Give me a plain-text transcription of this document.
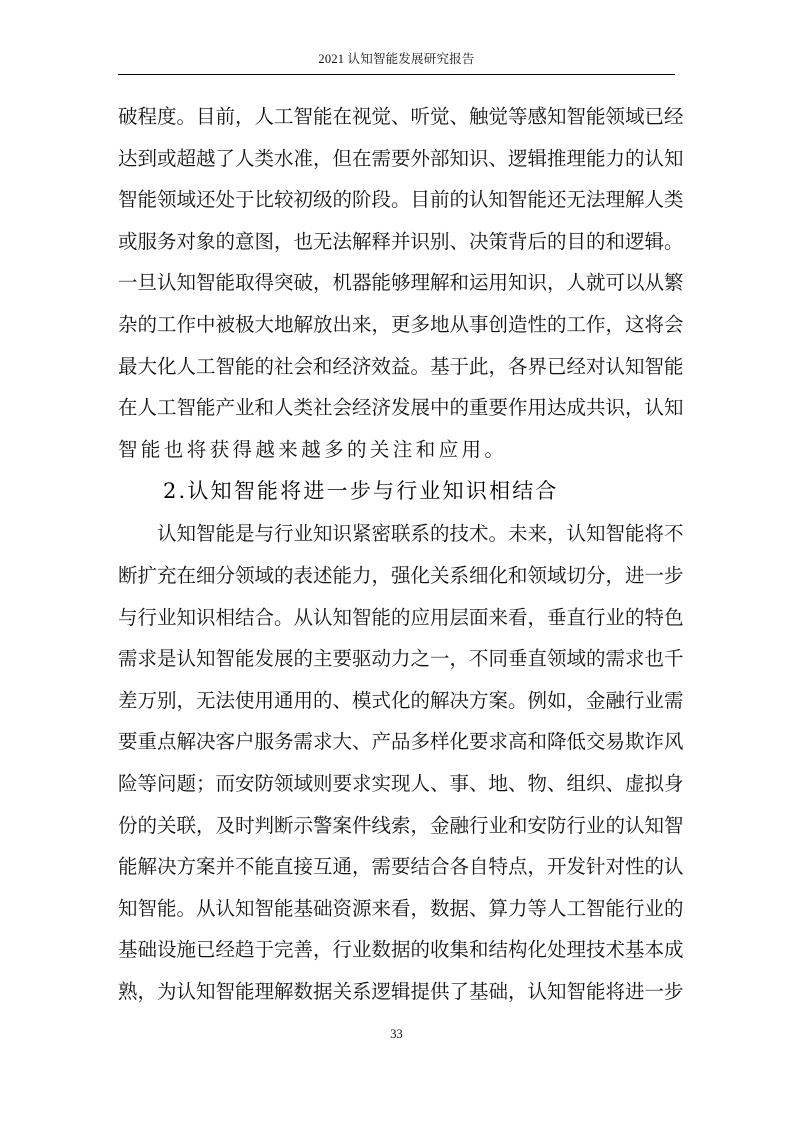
2021 认知智能发展研究报告
破程度。目前，人工智能在视觉、听觉、触觉等感知智能领域已经
达到或超越了人类水准，但在需要外部知识、逻辑推理能力的认知
智能领域还处于比较初级的阶段。目前的认知智能还无法理解人类
或服务对象的意图，也无法解释并识别、决策背后的目的和逻辑。
一旦认知智能取得突破，机器能够理解和运用知识，人就可以从繁
杂的工作中被极大地解放出来，更多地从事创造性的工作，这将会
最大化人工智能的社会和经济效益。基于此，各界已经对认知智能
在人工智能产业和人类社会经济发展中的重要作用达成共识，认知
智能也将获得越来越多的关注和应用。
2.认知智能将进一步与行业知识相结合
认知智能是与行业知识紧密联系的技术。未来，认知智能将不
断扩充在细分领域的表述能力，强化关系细化和领域切分，进一步
与行业知识相结合。从认知智能的应用层面来看，垂直行业的特色
需求是认知智能发展的主要驱动力之一，不同垂直领域的需求也千
差万别，无法使用通用的、模式化的解决方案。例如，金融行业需
要重点解决客户服务需求大、产品多样化要求高和降低交易欺诈风
险等问题；而安防领域则要求实现人、事、地、物、组织、虚拟身
份的关联，及时判断示警案件线索，金融行业和安防行业的认知智
能解决方案并不能直接互通，需要结合各自特点，开发针对性的认
知智能。从认知智能基础资源来看，数据、算力等人工智能行业的
基础设施已经趋于完善，行业数据的收集和结构化处理技术基本成
熟，为认知智能理解数据关系逻辑提供了基础，认知智能将进一步
33
